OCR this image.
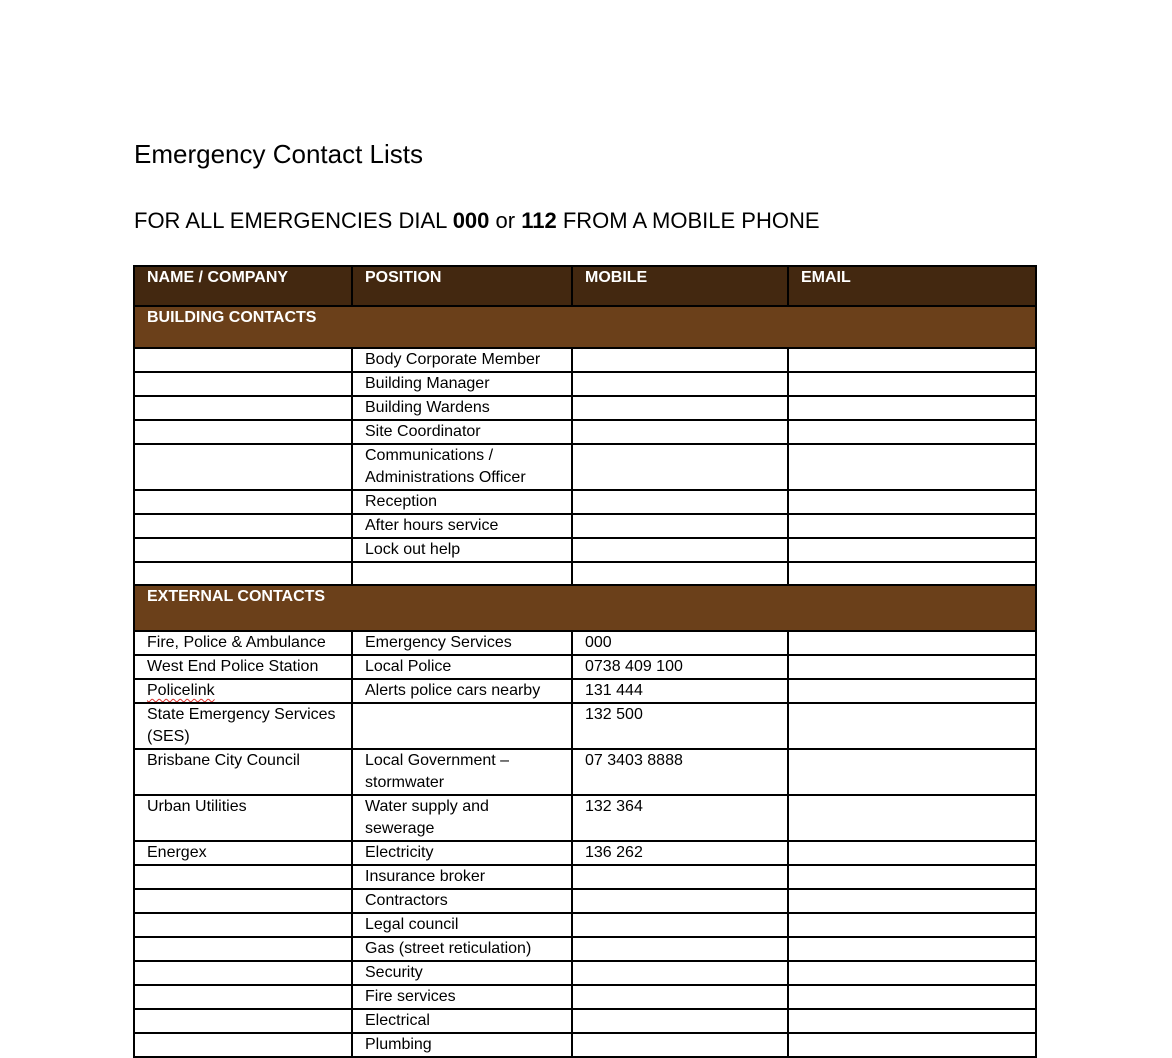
Emergency Contact Lists
FOR ALL EMERGENCIES DIAL 000 or 112 FROM A MOBILE PHONE
NAME / COMPANY	POSITION	MOBILE	EMAIL
BUILDING CONTACTS			
	Body Corporate Member		
	Building Manager		
	Building Wardens		
	Site Coordinator		
	Communications / Administrations Officer		
	Reception		
	After hours service		
	Lock out help		

EXTERNAL CONTACTS			
Fire, Police & Ambulance	Emergency Services	000	
West End Police Station	Local Police	0738 409 100	
Policelink	Alerts police cars nearby	131 444	
State Emergency Services (SES)		132 500	
Brisbane City Council	Local Government – stormwater	07 3403 8888	
Urban Utilities	Water supply and sewerage	132 364	
Energex	Electricity	136 262	
	Insurance broker		
	Contractors		
	Legal council		
	Gas (street reticulation)		
	Security		
	Fire services		
	Electrical		
	Plumbing		
